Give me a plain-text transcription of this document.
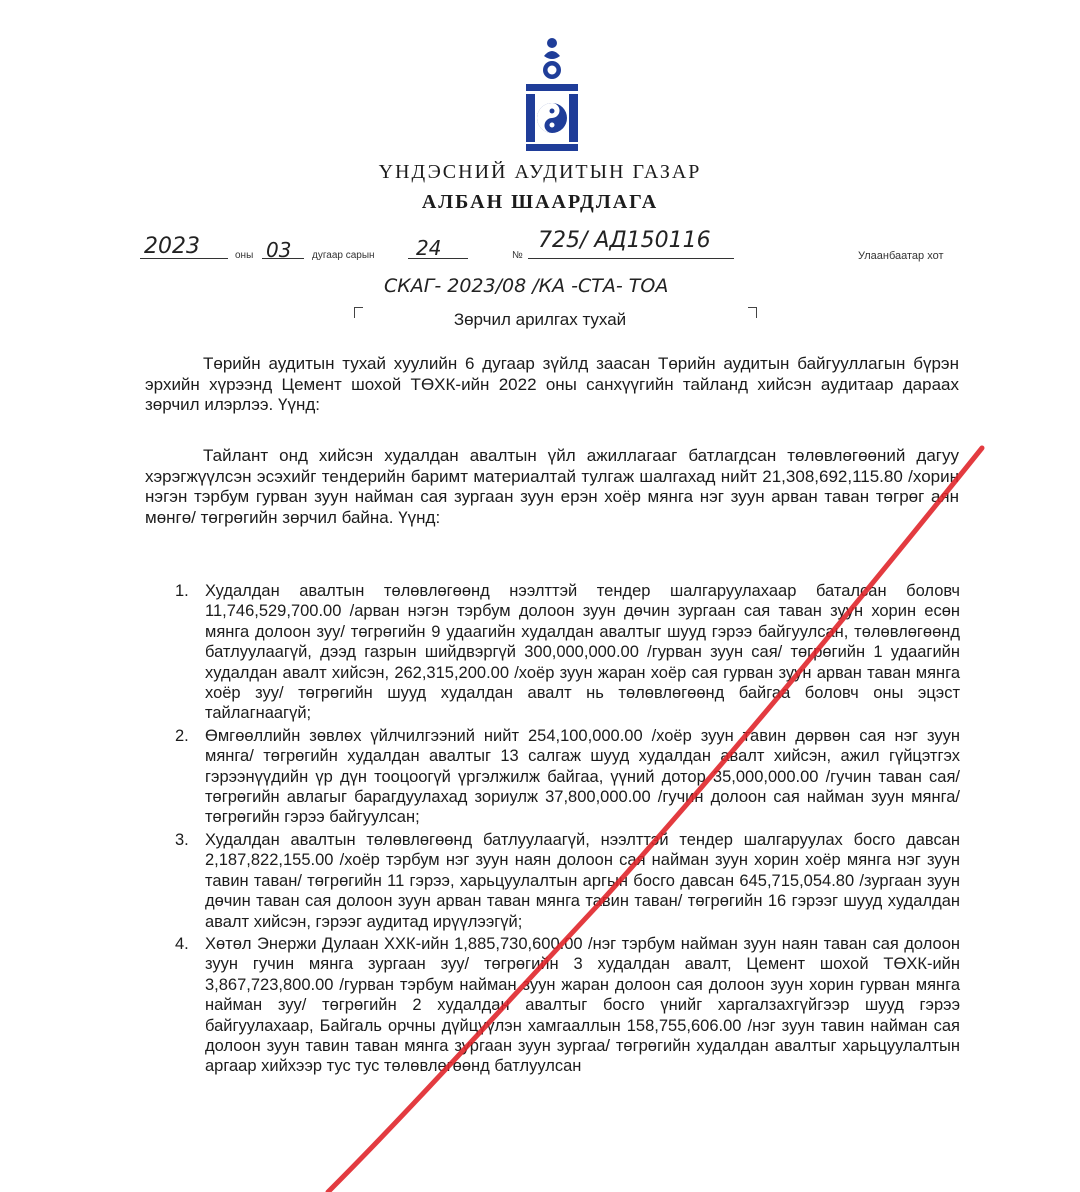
ҮНДЭСНИЙ АУДИТЫН ГАЗАР
АЛБАН ШААРДЛАГА
2023	оны 03 дугаар сарын 24	№
725/ АД150116
Улаанбаатар хот
СКАГ- 2023/08 /КА -СТА- ТОА
Зөрчил арилгах тухай
Төрийн аудитын тухай хуулийн 6 дугаар зүйлд заасан Төрийн аудитын байгууллагын бүрэн эрхийн хүрээнд Цемент шохой ТӨХК-ийн 2022 оны санхүүгийн тайланд хийсэн аудитаар дараах зөрчил илэрлээ. Үүнд:
Тайлант онд хийсэн худалдан авалтын үйл ажиллагааг батлагдсан төлөвлөгөөний дагуу хэрэгжүүлсэн эсэхийг тендерийн баримт материалтай тулгаж шалгахад нийт 21,308,692,115.80 /хорин нэгэн тэрбум гурван зуун найман сая зургаан зуун ерэн хоёр мянга нэг зуун арван таван төгрөг аян мөнгө/ төгрөгийн зөрчил байна. Үүнд:
1. Худалдан авалтын төлөвлөгөөнд нээлттэй тендер шалгаруулахаар баталсан боловч 11,746,529,700.00 /арван нэгэн тэрбум долоон зуун дөчин зургаан сая таван зуун хорин есөн мянга долоон зуу/ төгрөгийн 9 удаагийн худалдан авалтыг шууд гэрээ байгуулсан, төлөвлөгөөнд батлуулаагүй, дээд газрын шийдвэргүй 300,000,000.00 /гурван зуун сая/ төгрөгийн 1 удаагийн худалдан авалт хийсэн, 262,315,200.00 /хоёр зуун жаран хоёр сая гурван зуун арван таван мянга хоёр зуу/ төгрөгийн шууд худалдан авалт нь төлөвлөгөөнд байгаа боловч оны эцэст тайлагнаагүй;
2. Өмгөөллийн зөвлөх үйлчилгээний нийт 254,100,000.00 /хоёр зуун тавин дөрвөн сая нэг зуун мянга/ төгрөгийн худалдан авалтыг 13 салгаж шууд худалдан авалт хийсэн, ажил гүйцэтгэх гэрээнүүдийн үр дүн тооцоогүй үргэлжилж байгаа, үүний дотор 35,000,000.00 /гучин таван сая/ төгрөгийн авлагыг барагдуулахад зориулж 37,800,000.00 /гучин долоон сая найман зуун мянга/ төгрөгийн гэрээ байгуулсан;
3. Худалдан авалтын төлөвлөгөөнд батлуулаагүй, нээлттэй тендер шалгаруулах босго давсан 2,187,822,155.00 /хоёр тэрбум нэг зуун наян долоон сая найман зуун хорин хоёр мянга нэг зуун тавин таван/ төгрөгийн 11 гэрээ, харьцуулалтын аргын босго давсан 645,715,054.80 /зургаан зуун дөчин таван сая долоон зуун арван таван мянга тавин таван/ төгрөгийн 16 гэрээг шууд худалдан авалт хийсэн, гэрээг аудитад ирүүлээгүй;
4. Хөтөл Энержи Дулаан ХХК-ийн 1,885,730,600.00 /нэг тэрбум найман зуун наян таван сая долоон зуун гучин мянга зургаан зуу/ төгрөгийн 3 худалдан авалт, Цемент шохой ТӨХК-ийн 3,867,723,800.00 /гурван тэрбум найман зуун жаран долоон сая долоон зуун хорин гурван мянга найман зуу/ төгрөгийн 2 худалдан авалтыг босго үнийг харгалзахгүйгээр шууд гэрээ байгуулахаар, Байгаль орчны дүйцүүлэн хамгааллын 158,755,606.00 /нэг зуун тавин найман сая долоон зуун тавин таван мянга зургаан зуун зургаа/ төгрөгийн худалдан авалтыг харьцуулалтын аргаар хийхээр тус тус төлөвлөгөөнд батлуулсан
